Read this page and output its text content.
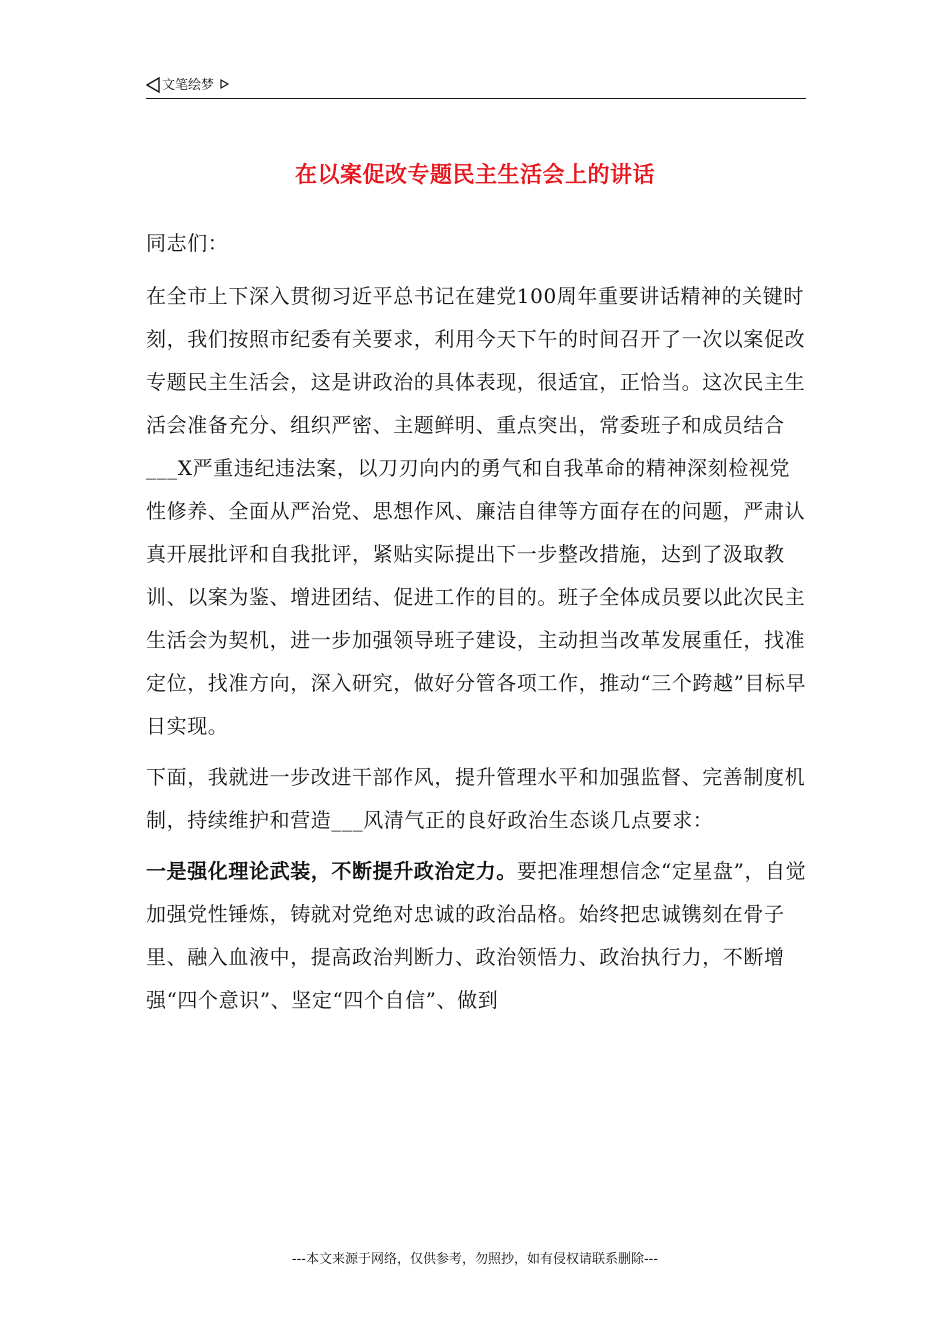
文笔绘梦
在以案促改专题民主生活会上的讲话

同志们：

在全市上下深入贯彻习近平总书记在建党100周年重要讲话精神的关键时刻，我们按照市纪委有关要求，利用今天下午的时间召开了一次以案促改专题民主生活会，这是讲政治的具体表现，很适宜，正恰当。这次民主生活会准备充分、组织严密、主题鲜明、重点突出，常委班子和成员结合___X严重违纪违法案，以刀刃向内的勇气和自我革命的精神深刻检视党性修养、全面从严治党、思想作风、廉洁自律等方面存在的问题，严肃认真开展批评和自我批评，紧贴实际提出下一步整改措施，达到了汲取教训、以案为鉴、增进团结、促进工作的目的。班子全体成员要以此次民主生活会为契机，进一步加强领导班子建设，主动担当改革发展重任，找准定位，找准方向，深入研究，做好分管各项工作，推动“三个跨越”目标早日实现。

下面，我就进一步改进干部作风，提升管理水平和加强监督、完善制度机制，持续维护和营造___风清气正的良好政治生态谈几点要求：

一是强化理论武装，不断提升政治定力。要把准理想信念“定星盘”，自觉加强党性锤炼，铸就对党绝对忠诚的政治品格。始终把忠诚镌刻在骨子里、融入血液中，提高政治判断力、政治领悟力、政治执行力，不断增强“四个意识”、坚定“四个自信”、做到

---本文来源于网络，仅供参考，勿照抄，如有侵权请联系删除---
